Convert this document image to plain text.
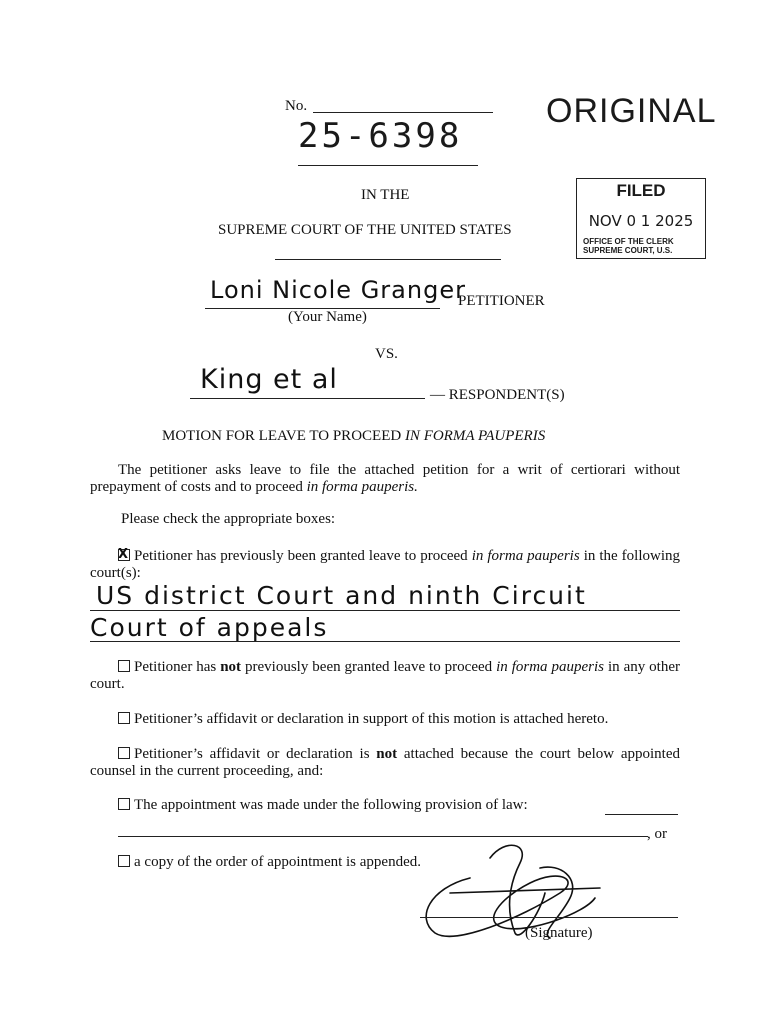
No.
25-6398
ORIGINAL
IN THE
SUPREME COURT OF THE UNITED STATES
FILED
NOV 0 1 2025
OFFICE OF THE CLERK
SUPREME COURT, U.S.
Loni Nicole Granger
PETITIONER
(Your Name)
VS.
King et al	— RESPONDENT(S)
MOTION FOR LEAVE TO PROCEED IN FORMA PAUPERIS
The petitioner asks leave to file the attached petition for a writ of certiorari without prepayment of costs and to proceed in forma pauperis.
Please check the appropriate boxes:
XPetitioner has previously been granted leave to proceed in forma pauperis in the following court(s):
US district Court and ninth Circuit
Court of appeals
Petitioner has not previously been granted leave to proceed in forma pauperis in any other court.
Petitioner’s affidavit or declaration in support of this motion is attached hereto.
Petitioner’s affidavit or declaration is not attached because the court below appointed counsel in the current proceeding, and:
The appointment was made under the following provision of law:
, or
a copy of the order of appointment is appended.
(Signature)
